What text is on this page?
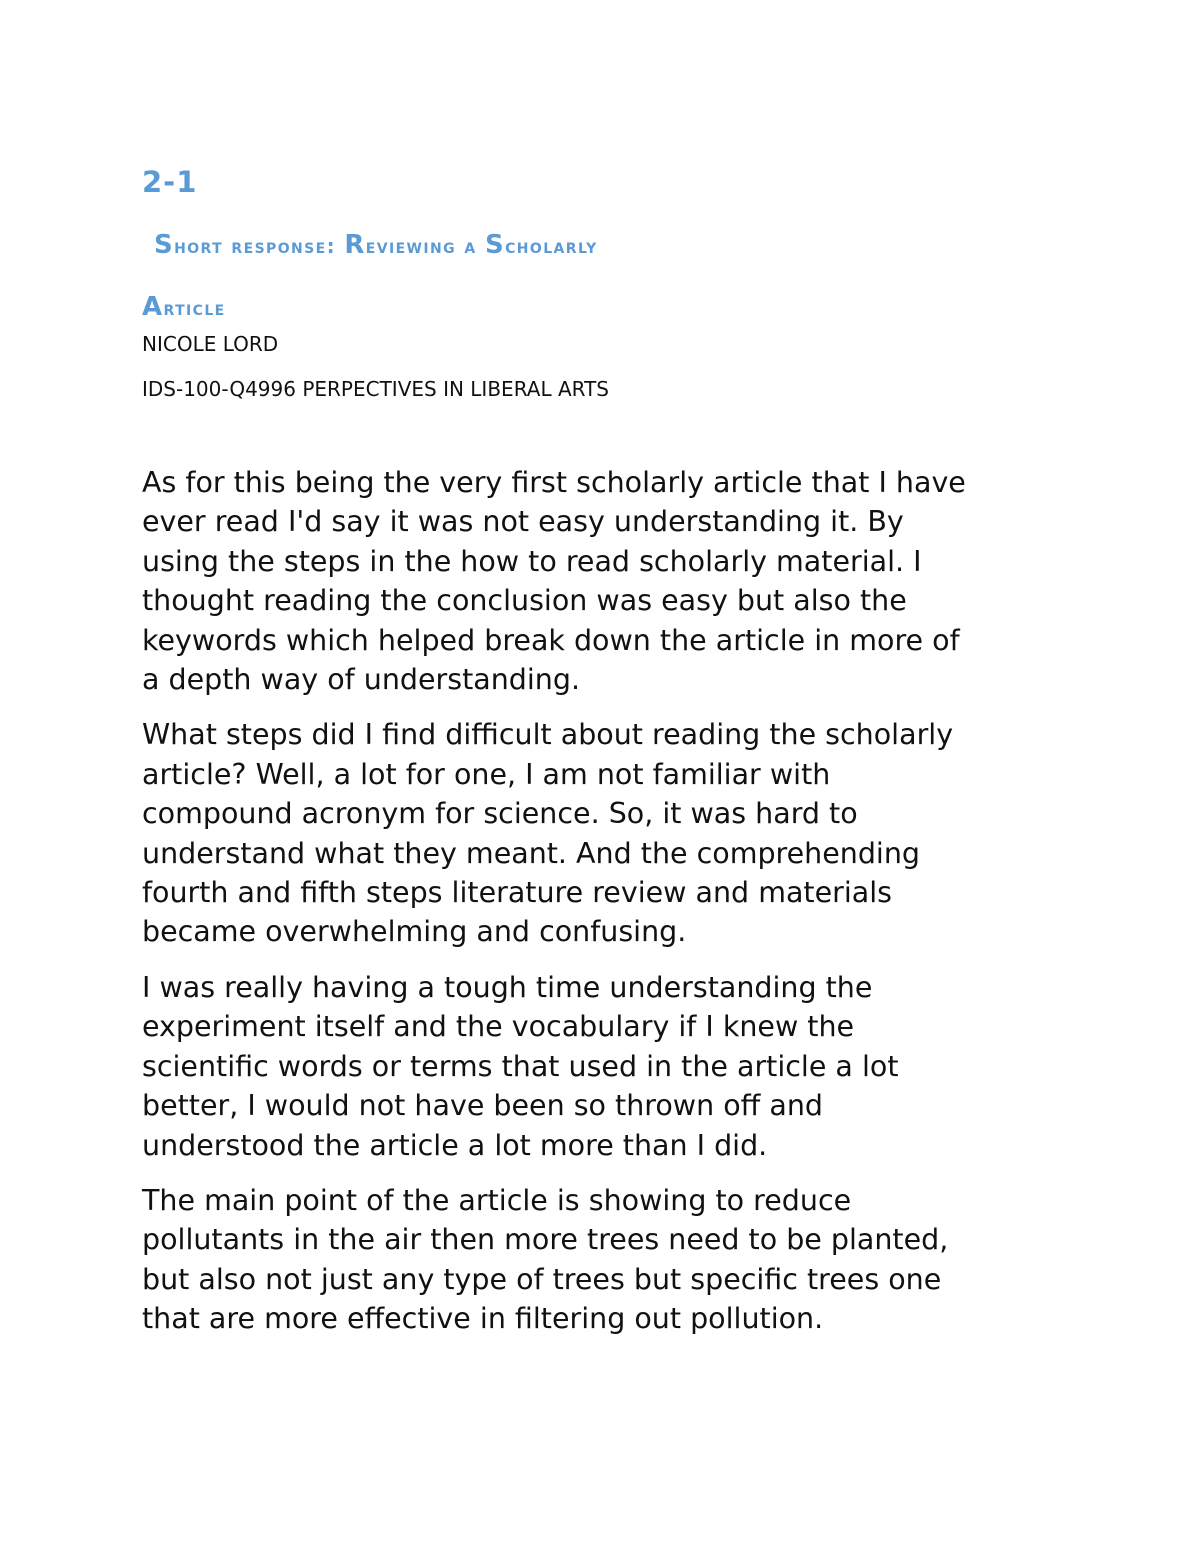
2-1
Short response: Reviewing a Scholarly
Article

NICOLE LORD

IDS-100-Q4996 PERPECTIVES IN LIBERAL ARTS

As for this being the very first scholarly article that I have
ever read I'd say it was not easy understanding it. By
using the steps in the how to read scholarly material. I
thought reading the conclusion was easy but also the
keywords which helped break down the article in more of
a depth way of understanding.

What steps did I find difficult about reading the scholarly
article? Well, a lot for one, I am not familiar with
compound acronym for science. So, it was hard to
understand what they meant. And the comprehending
fourth and fifth steps literature review and materials
became overwhelming and confusing.

I was really having a tough time understanding the
experiment itself and the vocabulary if I knew the
scientific words or terms that used in the article a lot
better, I would not have been so thrown off and
understood the article a lot more than I did.

The main point of the article is showing to reduce
pollutants in the air then more trees need to be planted,
but also not just any type of trees but specific trees one
that are more effective in filtering out pollution.
